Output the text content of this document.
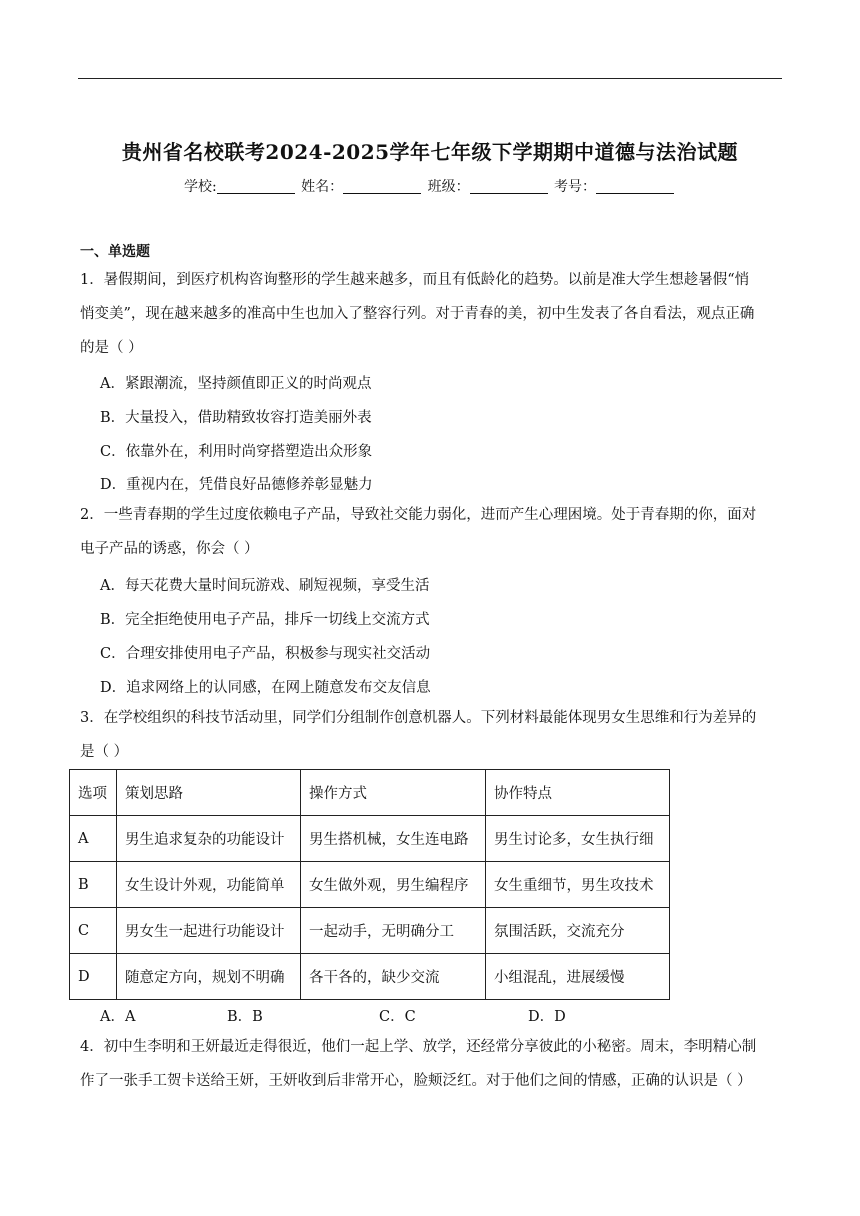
贵州省名校联考2024-2025学年七年级下学期期中道德与法治试题
学校:	姓名：	班级：	考号：
一、单选题
1．暑假期间，到医疗机构咨询整形的学生越来越多，而且有低龄化的趋势。以前是准大学生想趁暑假“悄
悄变美”，现在越来越多的准高中生也加入了整容行列。对于青春的美，初中生发表了各自看法，观点正确
的是（ ）
A．紧跟潮流，坚持颜值即正义的时尚观点
B．大量投入，借助精致妆容打造美丽外表
C．依靠外在，利用时尚穿搭塑造出众形象
D．重视内在，凭借良好品德修养彰显魅力
2．一些青春期的学生过度依赖电子产品，导致社交能力弱化，进而产生心理困境。处于青春期的你，面对
电子产品的诱惑，你会（ ）
A．每天花费大量时间玩游戏、刷短视频，享受生活
B．完全拒绝使用电子产品，排斥一切线上交流方式
C．合理安排使用电子产品，积极参与现实社交活动
D．追求网络上的认同感，在网上随意发布交友信息
3．在学校组织的科技节活动里，同学们分组制作创意机器人。下列材料最能体现男女生思维和行为差异的
是（ ）
选项	策划思路	操作方式	协作特点
A	男生追求复杂的功能设计	男生搭机械，女生连电路	男生讨论多，女生执行细
B	女生设计外观，功能简单	女生做外观，男生编程序	女生重细节，男生攻技术
C	男女生一起进行功能设计	一起动手，无明确分工	氛围活跃，交流充分
D	随意定方向，规划不明确	各干各的，缺少交流	小组混乱，进展缓慢
A．A	B．B	C．C	D．D
4．初中生李明和王妍最近走得很近，他们一起上学、放学，还经常分享彼此的小秘密。周末，李明精心制
作了一张手工贺卡送给王妍，王妍收到后非常开心，脸颊泛红。对于他们之间的情感，正确的认识是（ ）
